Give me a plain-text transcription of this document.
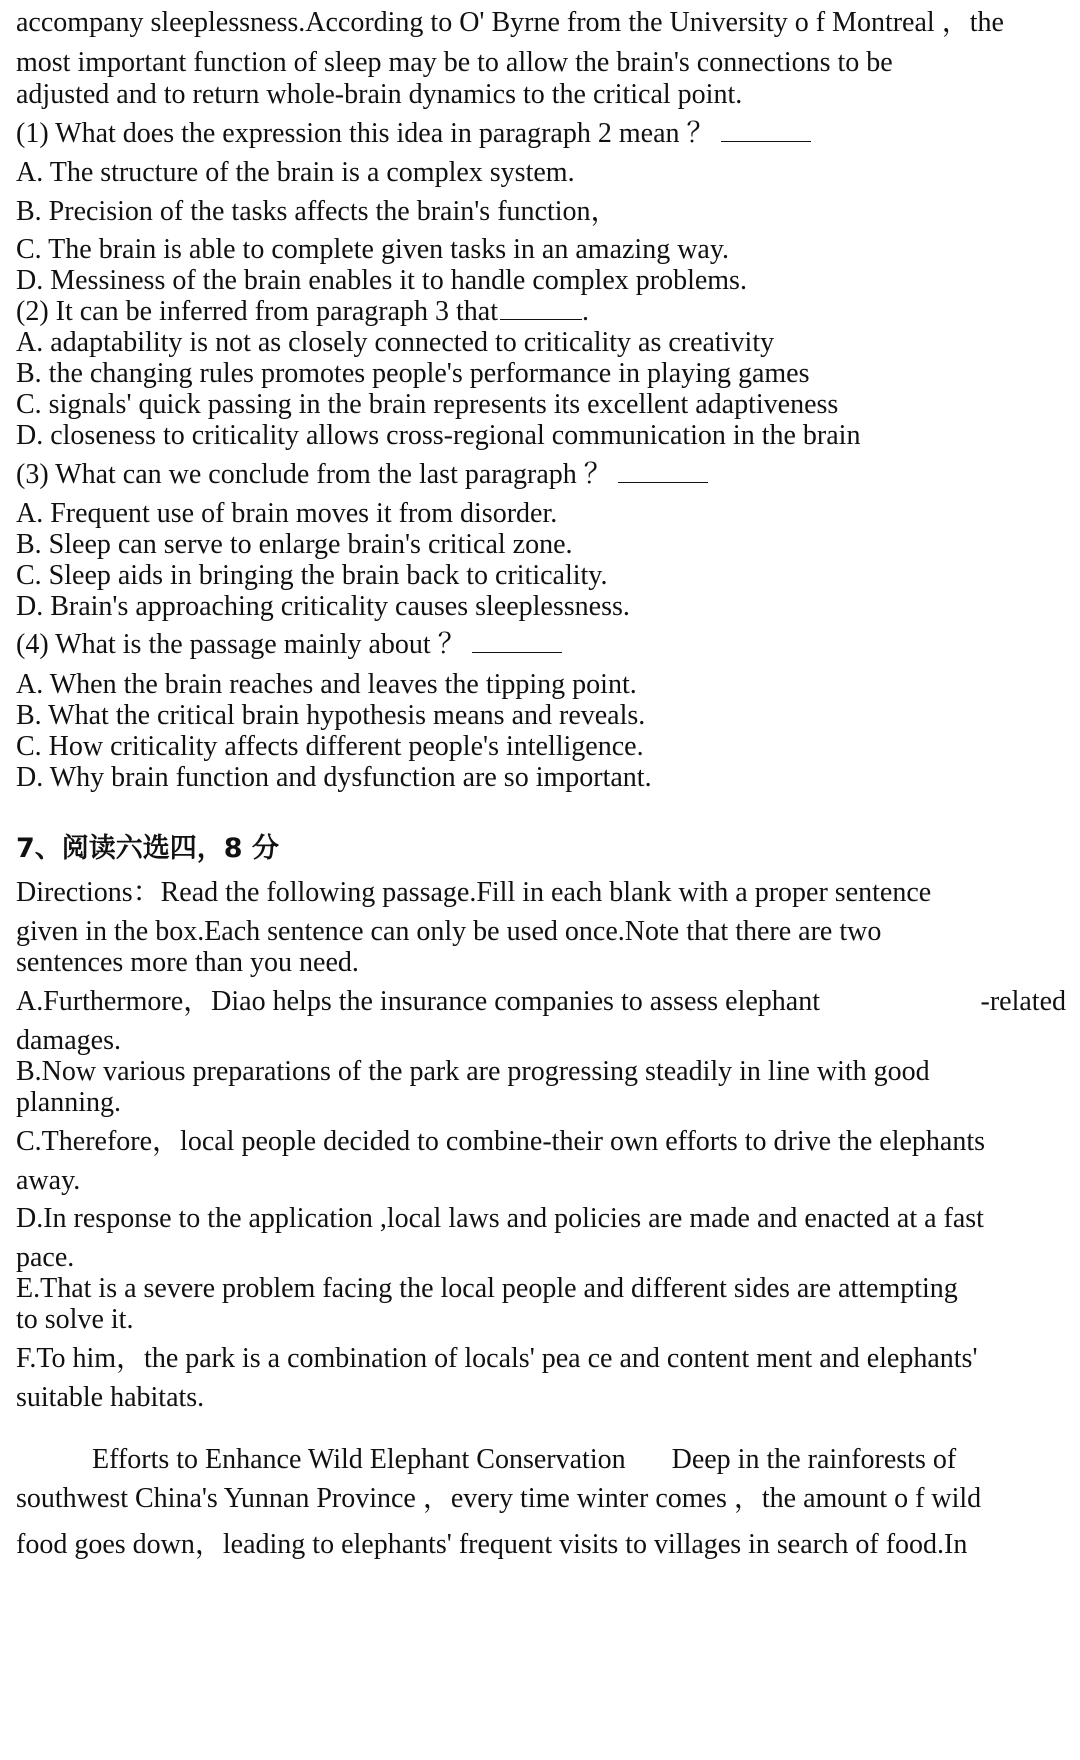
accompany sleeplessness.According to O' Byrne from the University o f Montreal ，the
most important function of sleep may be to allow the brain's connections to be
adjusted and to return whole-brain dynamics to the critical point.
(1) What does the expression this idea in paragraph 2 mean ？
A. The structure of the brain is a complex system.
B. Precision of the tasks affects the brain's function，
C. The brain is able to complete given tasks in an amazing way.
D. Messiness of the brain enables it to handle complex problems.
(2) It can be inferred from paragraph 3 that	.
A. adaptability is not as closely connected to criticality as creativity
B. the changing rules promotes people's performance in playing games
C. signals' quick passing in the brain represents its excellent adaptiveness
D. closeness to criticality allows cross-regional communication in the brain
(3) What can we conclude from the last paragraph ？
A. Frequent use of brain moves it from disorder.
B. Sleep can serve to enlarge brain's critical zone.
C. Sleep aids in bringing the brain back to criticality.
D. Brain's approaching criticality causes sleeplessness.
(4) What is the passage mainly about ？
A. When the brain reaches and leaves the tipping point.
B. What the critical brain hypothesis means and reveals.
C. How criticality affects different people's intelligence.
D. Why brain function and dysfunction are so important.
7、阅读六选四，8 分
Directions：Read the following passage.Fill in each blank with a proper sentence
given in the box.Each sentence can only be used once.Note that there are two
sentences more than you need.
A.Furthermore，Diao helps the insurance companies to assess elephant	-related
damages.
B.Now various preparations of the park are progressing steadily in line with good
planning.
C.Therefore，local people decided to combine-their own efforts to drive the elephants
away.
D.In response to the application ,local laws and policies are made and enacted at a fast
pace.
E.That is a severe problem facing the local people and different sides are attempting
to solve it.
F.To him，the park is a combination of locals' pea ce and content ment and elephants'
suitable habitats.
Efforts to Enhance Wild Elephant Conservation Deep in the rainforests of
southwest China's Yunnan Province ，every time winter comes ，the amount o f wild
food goes down，leading to elephants' frequent visits to villages in search of food.In
